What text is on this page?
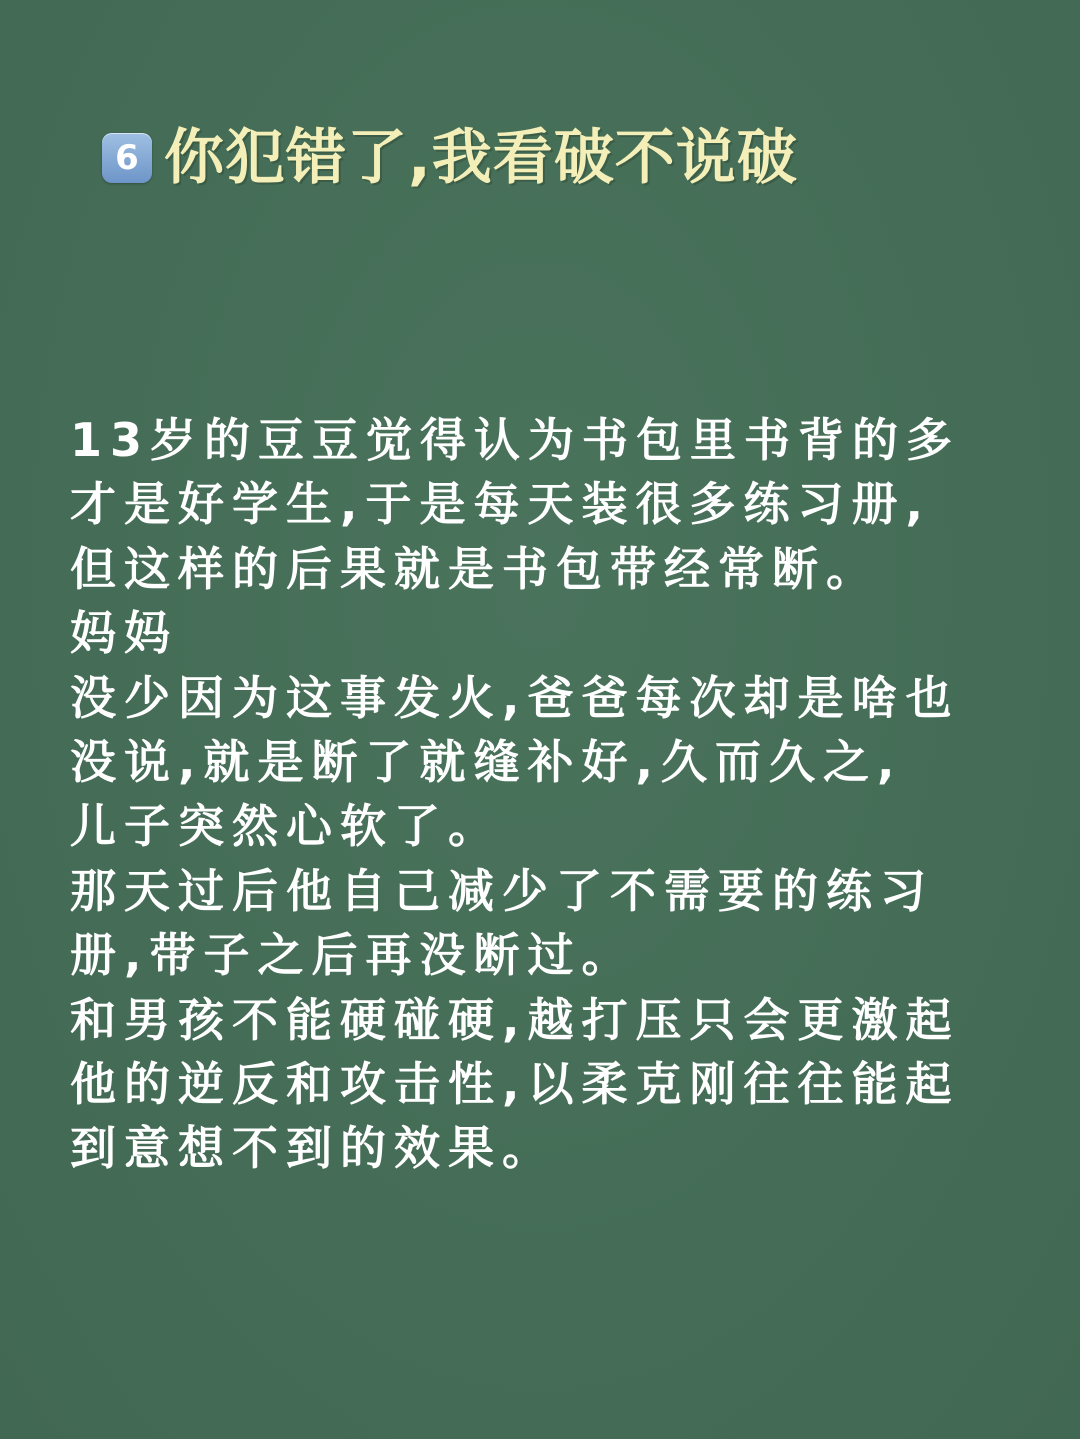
6 你犯错了,我看破不说破
13岁的豆豆觉得认为书包里书背的多
才是好学生,于是每天装很多练习册,
但这样的后果就是书包带经常断。
妈妈
没少因为这事发火,爸爸每次却是啥也
没说,就是断了就缝补好,久而久之,
儿子突然心软了。
那天过后他自己减少了不需要的练习
册,带子之后再没断过。
和男孩不能硬碰硬,越打压只会更激起
他的逆反和攻击性,以柔克刚往往能起
到意想不到的效果。
